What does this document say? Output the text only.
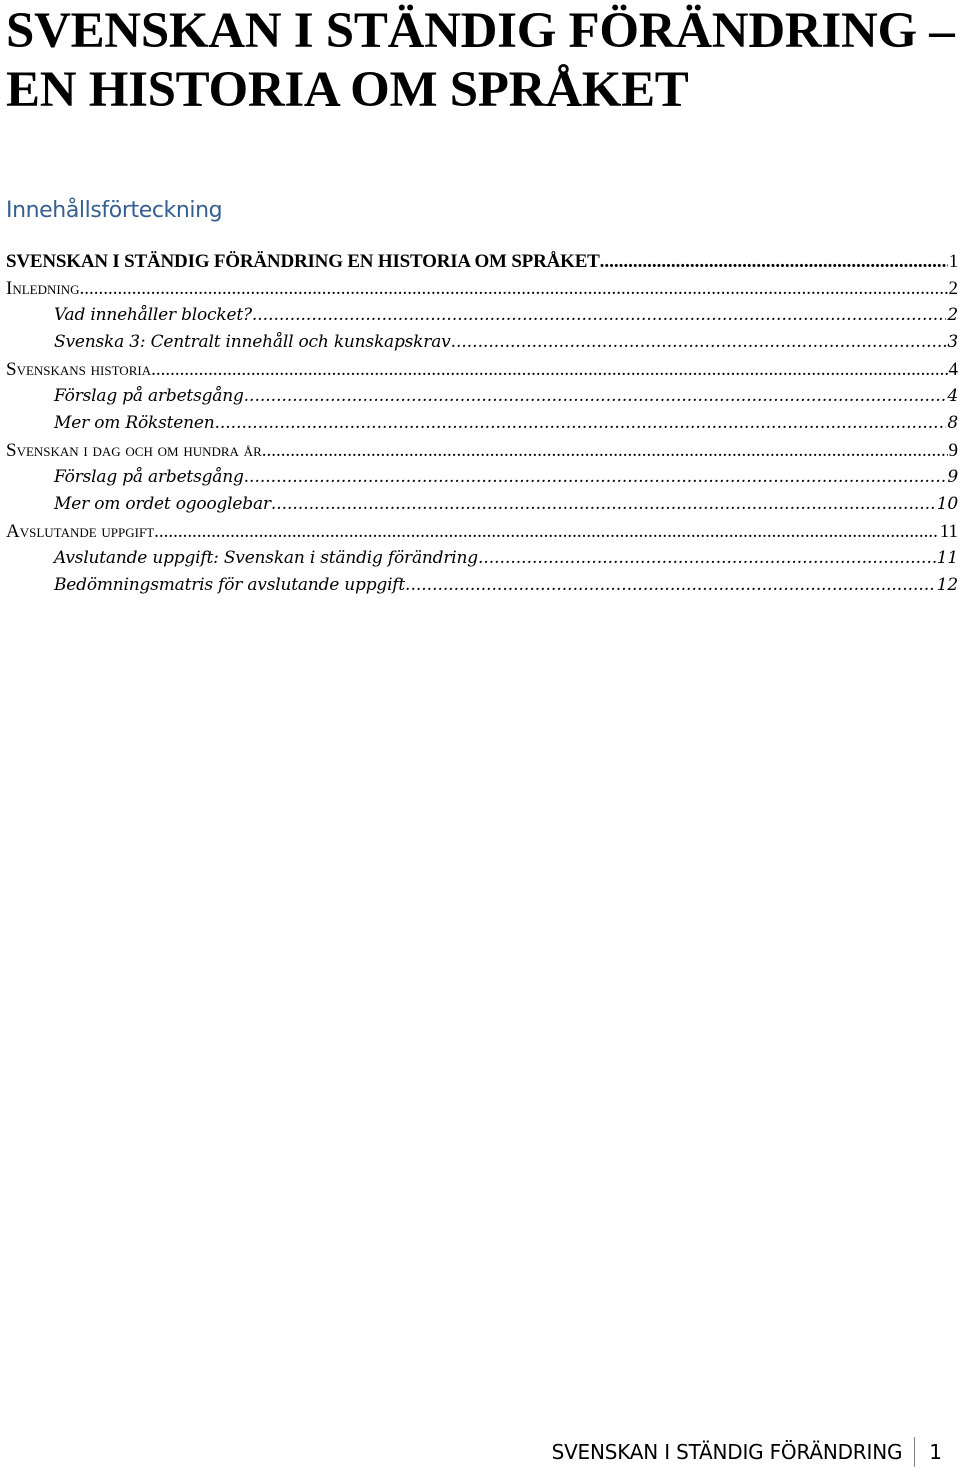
SVENSKAN I STÄNDIG FÖRÄNDRING –
EN HISTORIA OM SPRÅKET
Innehållsförteckning
SVENSKAN I STÄNDIG FÖRÄNDRING EN HISTORIA OM SPRÅKET .....	1
Inledning .....	2
Vad innehåller blocket? .....	2
Svenska 3: Centralt innehåll och kunskapskrav .....	3
Svenskans historia .....	4
Förslag på arbetsgång .....	4
Mer om Rökstenen .....	8
Svenskan i dag och om hundra år .....	9
Förslag på arbetsgång .....	9
Mer om ordet ogooglebar .....	10
Avslutande uppgift .....	11
Avslutande uppgift: Svenskan i ständig förändring .....	11
Bedömningsmatris för avslutande uppgift .....	12
SVENSKAN I STÄNDIG FÖRÄNDRING	1
